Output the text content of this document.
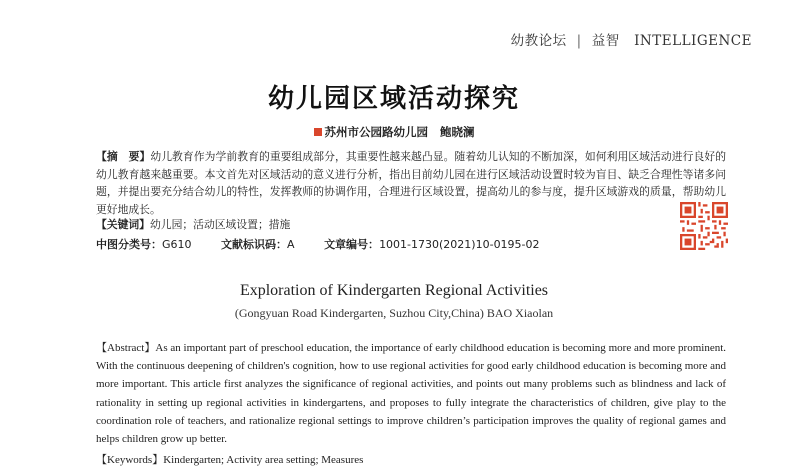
幼教论坛 | 益智 INTELLIGENCE
幼儿园区域活动探究
苏州市公园路幼儿园 鲍晓澜
【摘　要】幼儿教育作为学前教育的重要组成部分，其重要性越来越凸显。随着幼儿认知的不断加深，如何利用区域活动进行良好的幼儿教育越来越重要。本文首先对区域活动的意义进行分析，指出目前幼儿园在进行区域活动设置时较为盲目、缺乏合理性等诸多问题，并提出要充分结合幼儿的特性，发挥教师的协调作用，合理进行区域设置，提高幼儿的参与度，提升区域游戏的质量，帮助幼儿更好地成长。
【关键词】幼儿园；活动区域设置；措施
中图分类号：G610	文献标识码：A	文章编号：1001-1730(2021)10-0195-02
Exploration of Kindergarten Regional Activities
(Gongyuan Road Kindergarten, Suzhou City,China) BAO Xiaolan
【Abstract】As an important part of preschool education, the importance of early childhood education is becoming more and more prominent. With the continuous deepening of children's cognition, how to use regional activities for good early childhood education is becoming more and more important. This article first analyzes the significance of regional activities, and points out many problems such as blindness and lack of rationality in setting up regional activities in kindergartens, and proposes to fully integrate the characteristics of children, give play to the coordination role of teachers, and rationalize regional settings to improve children’s participation improves the quality of regional games and helps children grow up better.
【Keywords】Kindergarten; Activity area setting; Measures
